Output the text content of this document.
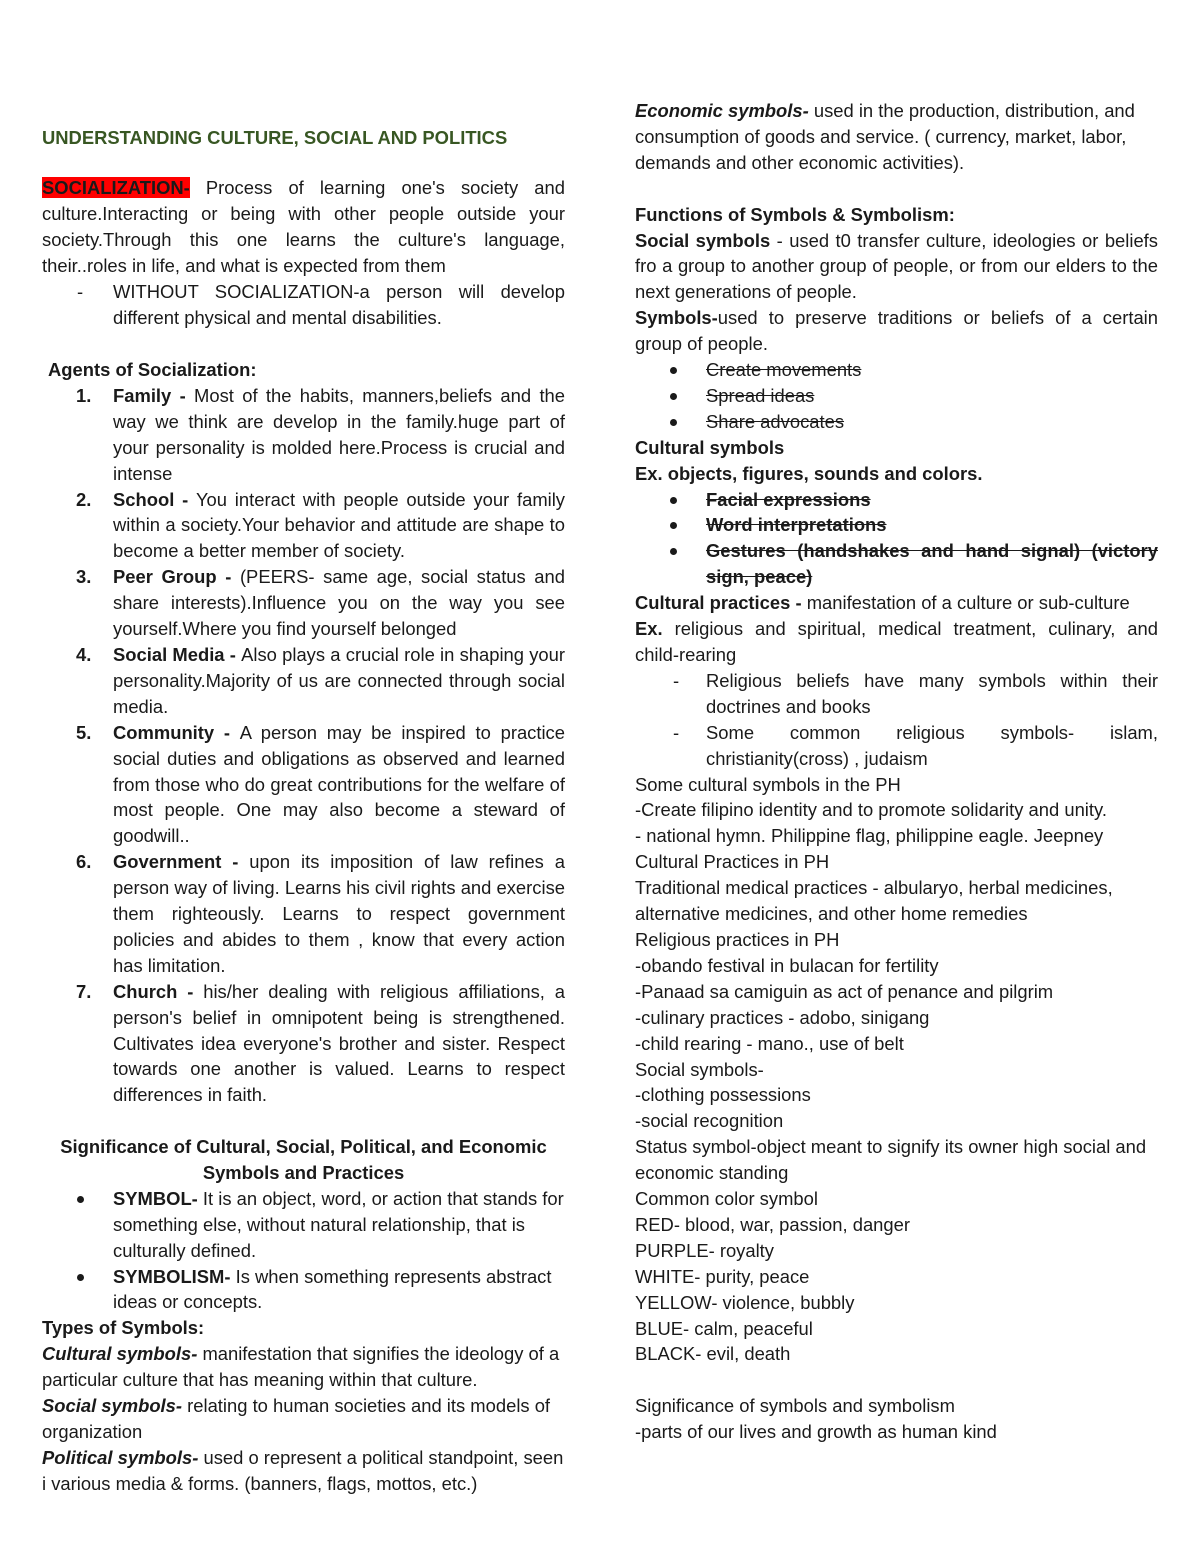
UNDERSTANDING CULTURE, SOCIAL AND POLITICS

SOCIALIZATION- Process of learning one's society and culture.Interacting or being with other people outside your society.Through this one learns the culture's language, their..roles in life, and what is expected from them

- WITHOUT SOCIALIZATION-a person will develop different physical and mental disabilities.

Agents of Socialization:

1. Family - Most of the habits, manners,beliefs and the way we think are develop in the family.huge part of your personality is molded here.Process is crucial and intense
2. School - You interact with people outside your family within a society.Your behavior and attitude are shape to become a better member of society.
3. Peer Group - (PEERS- same age, social status and share interests).Influence you on the way you see yourself.Where you find yourself belonged
4. Social Media - Also plays a crucial role in shaping your personality.Majority of us are connected through social media.
5. Community - A person may be inspired to practice social duties and obligations as observed and learned from those who do great contributions for the welfare of most people. One may also become a steward of goodwill..
6. Government - upon its imposition of law refines a person way of living. Learns his civil rights and exercise them righteously. Learns to respect government policies and abides to them , know that every action has limitation.
7. Church - his/her dealing with religious affiliations, a person's belief in omnipotent being is strengthened. Cultivates idea everyone's brother and sister. Respect towards one another is valued. Learns to respect differences in faith.

Significance of Cultural, Social, Political, and Economic Symbols and Practices

SYMBOL- It is an object, word, or action that stands for something else, without natural relationship, that is culturally defined.
SYMBOLISM- Is when something represents abstract ideas or concepts.

Types of Symbols:

Cultural symbols- manifestation that signifies the ideology of a particular culture that has meaning within that culture.

Social symbols- relating to human societies and its models of organization

Political symbols- used o represent a political standpoint, seen i various media & forms. (banners, flags, mottos, etc.)

Economic symbols- used in the production, distribution, and consumption of goods and service. ( currency, market, labor, demands and other economic activities).

Functions of Symbols & Symbolism:

Social symbols - used t0 transfer culture, ideologies or beliefs fro a group to another group of people, or from our elders to the next generations of people.

Symbols-used to preserve traditions or beliefs of a certain group of people.

Create movements
Spread ideas
Share advocates

Cultural symbols

Ex. objects, figures, sounds and colors.

Facial expressions
Word interpretations
Gestures (handshakes and hand signal) (victory sign, peace)

Cultural practices - manifestation of a culture or sub-culture

Ex. religious and spiritual, medical treatment, culinary, and child-rearing

- Religious beliefs have many symbols within their doctrines and books
- Some common religious symbols- islam, christianity(cross) , judaism

Some cultural symbols in the PH

-Create filipino identity and to promote solidarity and unity.

- national hymn. Philippine flag, philippine eagle. Jeepney

Cultural Practices in PH

Traditional medical practices - albularyo, herbal medicines, alternative medicines, and other home remedies

Religious practices in PH

-obando festival in bulacan for fertility

-Panaad sa camiguin as act of penance and pilgrim

-culinary practices - adobo, sinigang

-child rearing - mano., use of belt

Social symbols-

-clothing possessions

-social recognition

Status symbol-object meant to signify its owner high social and economic standing

Common color symbol

RED- blood, war, passion, danger

PURPLE- royalty

WHITE- purity, peace

YELLOW- violence, bubbly

BLUE- calm, peaceful

BLACK- evil, death

Significance of symbols and symbolism

-parts of our lives and growth as human kind
